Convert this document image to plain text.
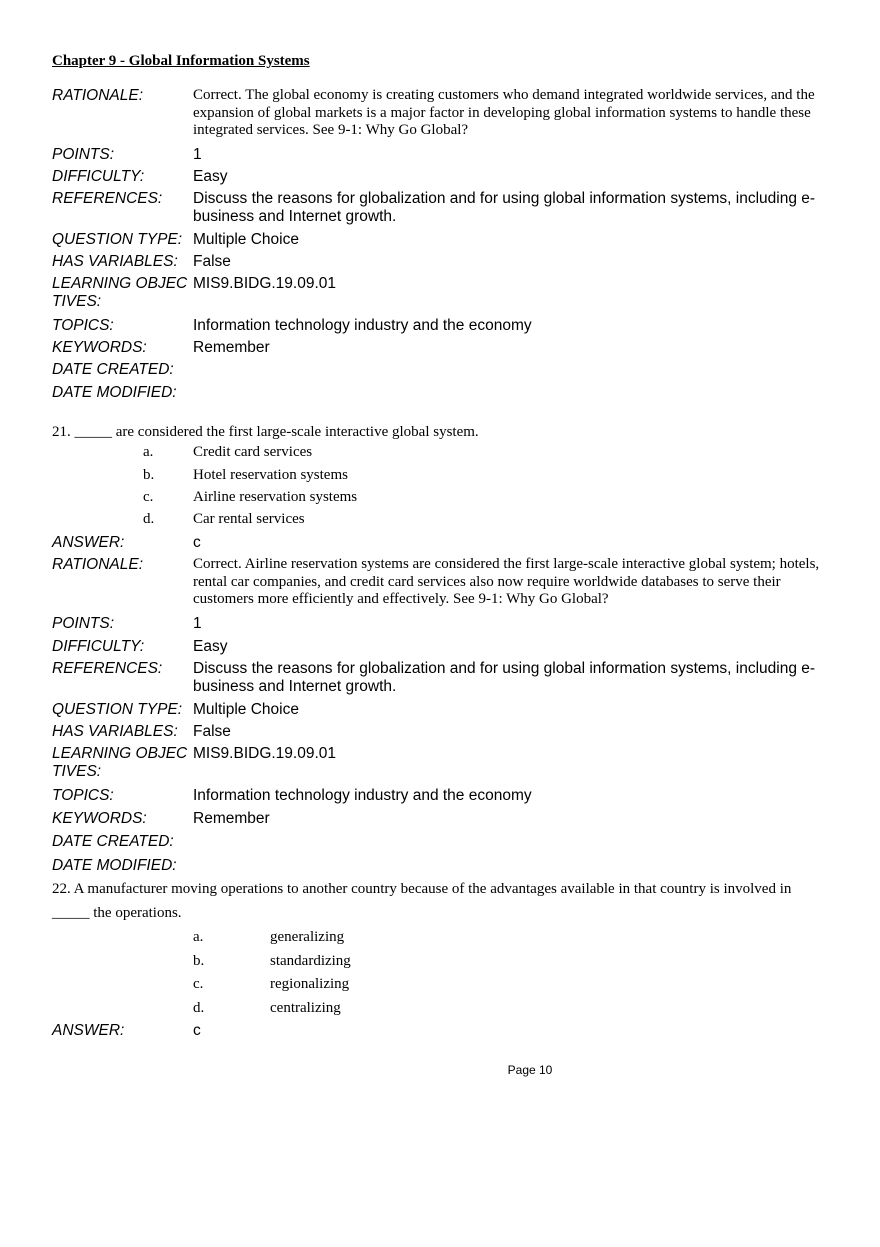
Chapter 9 - Global Information Systems
RATIONALE:	Correct. The global economy is creating customers who demand integrated worldwide services, and the expansion of global markets is a major factor in developing global information systems to handle these integrated services. See 9-1: Why Go Global?
POINTS:	1
DIFFICULTY:	Easy
REFERENCES: Discuss the reasons for globalization and for using global information systems, including e-business and Internet growth.
QUESTION TYPE: Multiple Choice
HAS VARIABLES: False
LEARNING OBJECTIVES:
MIS9.BIDG.19.09.01
TOPICS:	Information technology industry and the economy
KEYWORDS:	Remember
DATE CREATED:
DATE MODIFIED:
21. _____ are considered the first large-scale interactive global system.
a.	Credit card services
b.	Hotel reservation systems
c.	Airline reservation systems
d.	Car rental services
ANSWER:	c
RATIONALE:	Correct. Airline reservation systems are considered the first large-scale interactive global system; hotels, rental car companies, and credit card services also now require worldwide databases to serve their customers more efficiently and effectively. See 9-1: Why Go Global?
POINTS:	1
DIFFICULTY:	Easy
REFERENCES: Discuss the reasons for globalization and for using global information systems, including e-business and Internet growth.
QUESTION TYPE: Multiple Choice
HAS VARIABLES: False
LEARNING OBJECTIVES:
MIS9.BIDG.19.09.01
TOPICS:	Information technology industry and the economy
KEYWORDS:	Remember
DATE CREATED:
DATE MODIFIED:
22. A manufacturer moving operations to another country because of the advantages available in that country is involved in _____ the operations.
a.	generalizing
b.	standardizing
c.	regionalizing
d.	centralizing
ANSWER:	c
Page 10
